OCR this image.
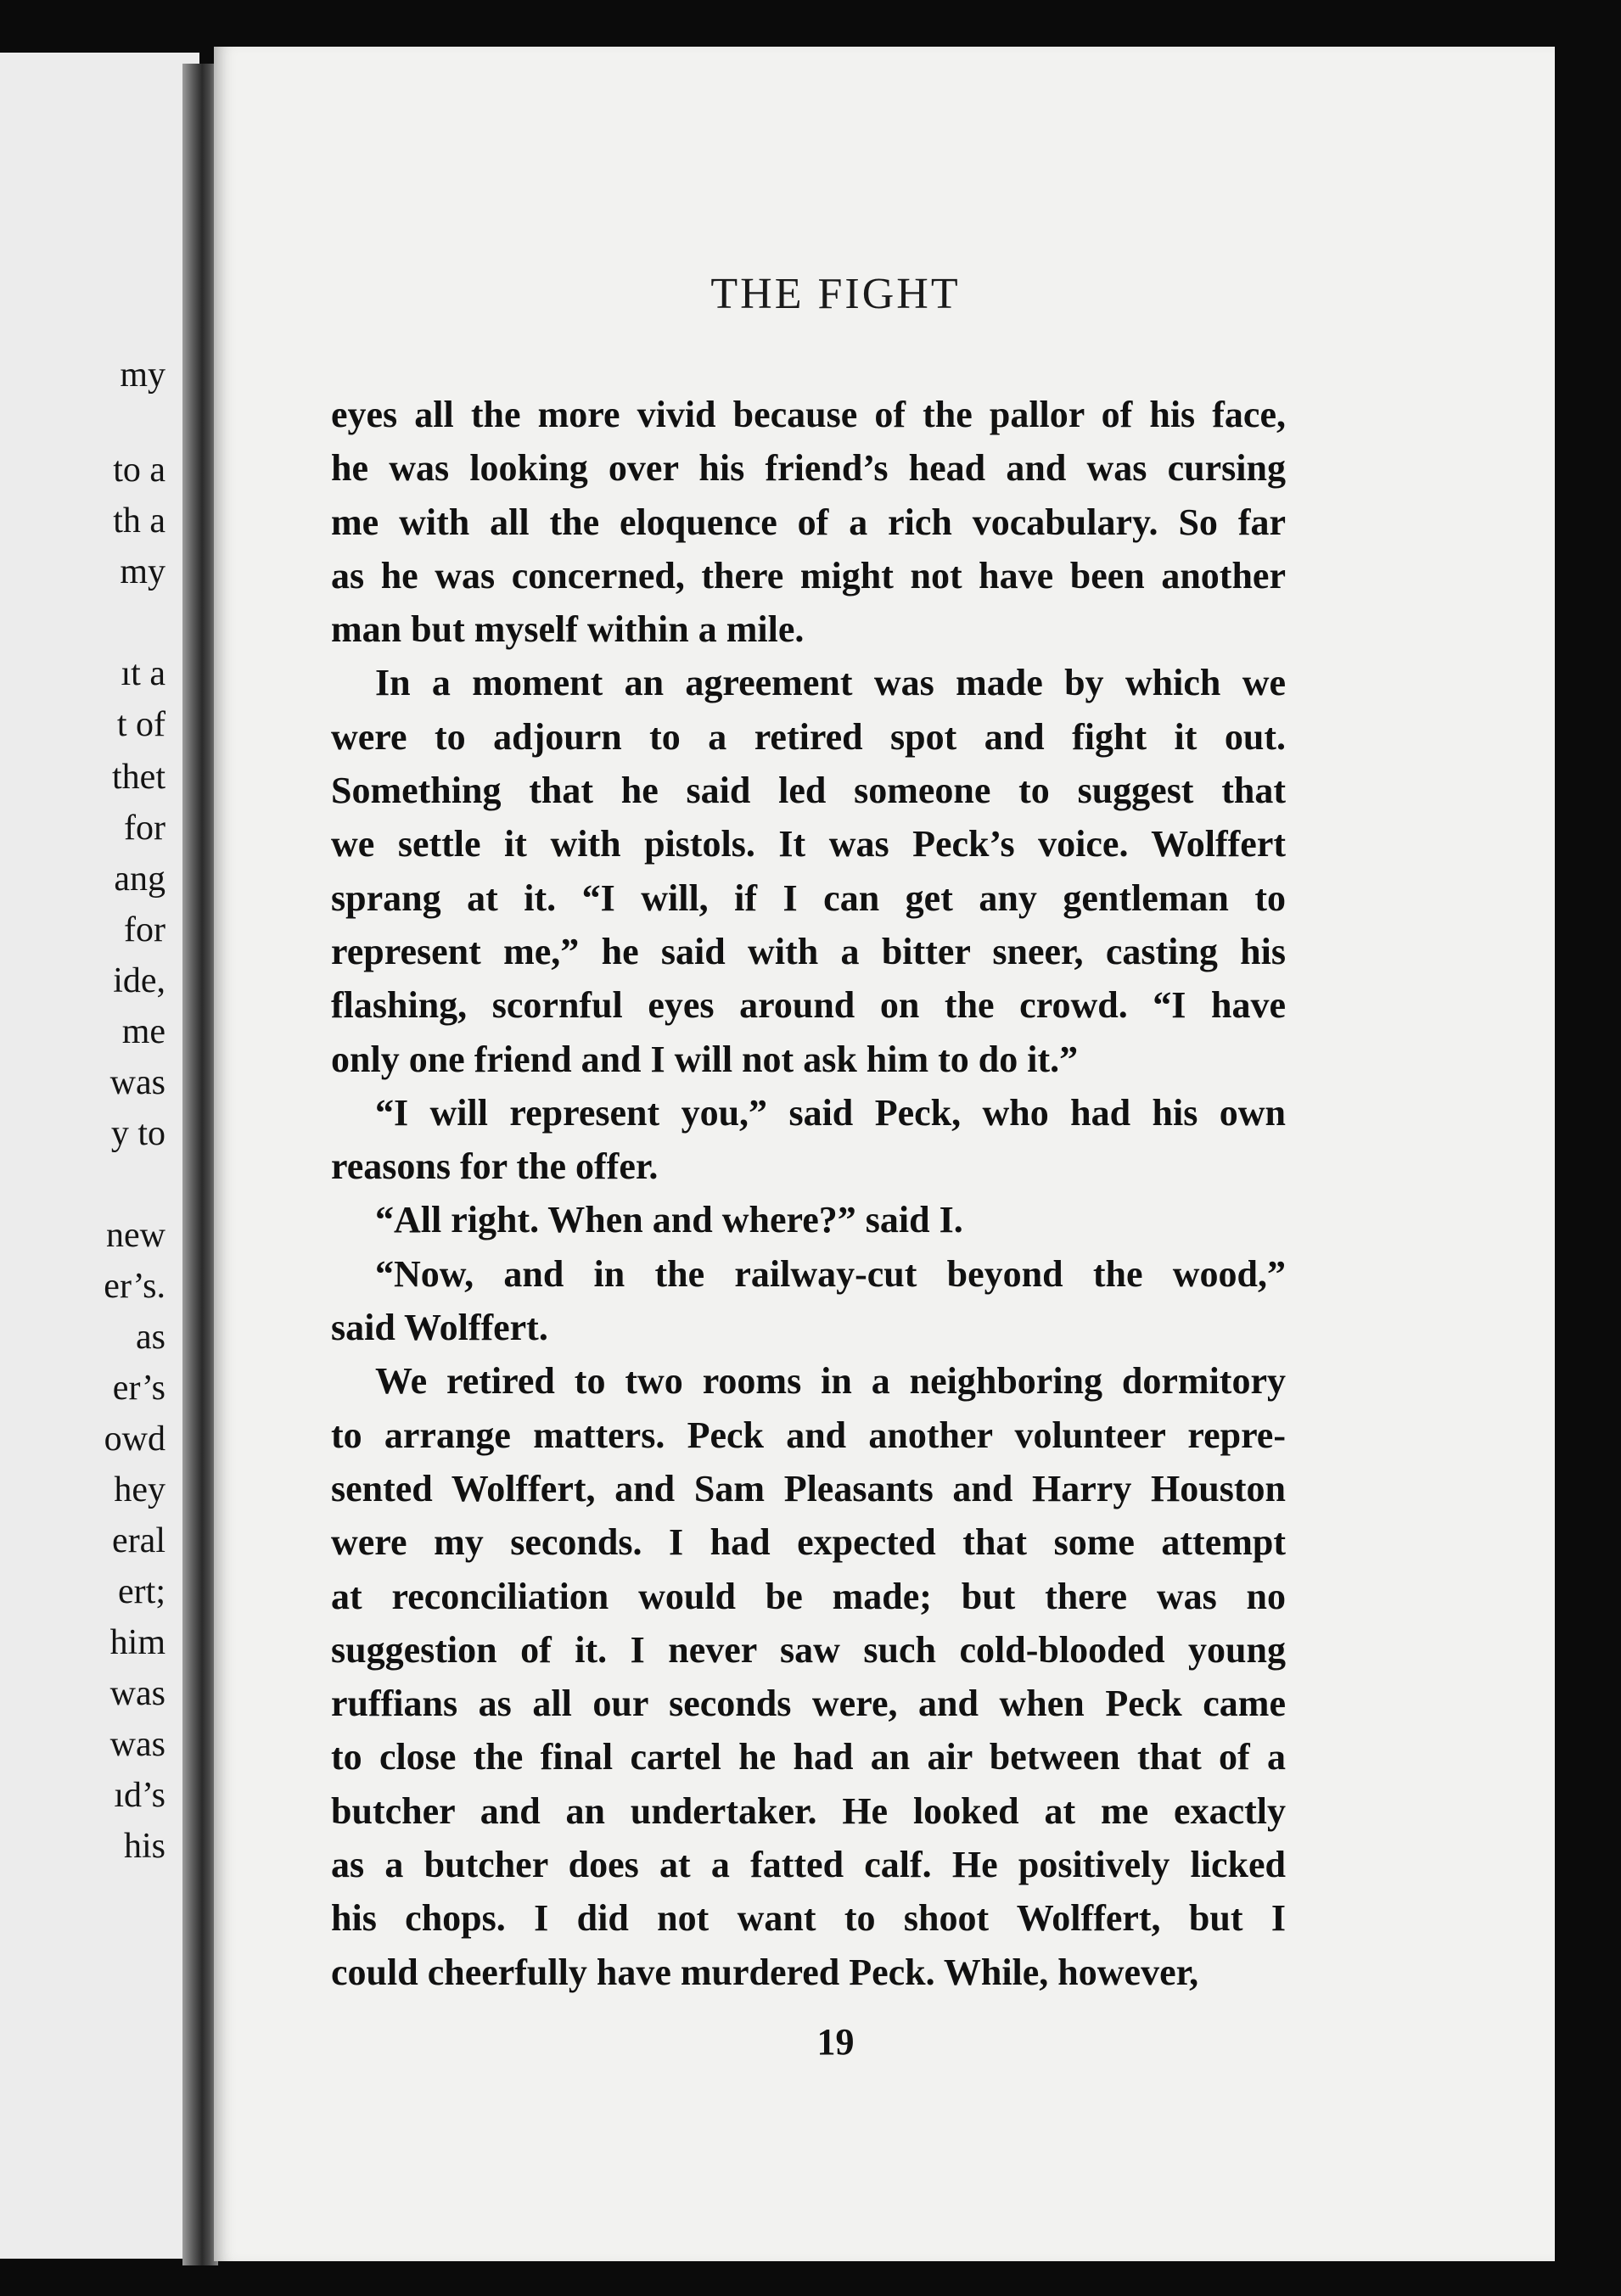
my
to a
th a
my
ıt a
t of
thet
for
ang
for
ide,
me
was
y to
new
er’s.
as
er’s
owd
hey
eral
ert;
him
was
was
ıd’s
his
THE FIGHT
eyes all the more vivid because of the pallor of his face,
he was looking over his friend’s head and was cursing
me with all the eloquence of a rich vocabulary. So far
as he was concerned, there might not have been another
man but myself within a mile.
In a moment an agreement was made by which we
were to adjourn to a retired spot and fight it out.
Something that he said led someone to suggest that
we settle it with pistols. It was Peck’s voice. Wolffert
sprang at it. “I will, if I can get any gentleman to
represent me,” he said with a bitter sneer, casting his
flashing, scornful eyes around on the crowd. “I have
only one friend and I will not ask him to do it.”
“I will represent you,” said Peck, who had his own
reasons for the offer.
“All right. When and where?” said I.
“Now, and in the railway-cut beyond the wood,”
said Wolffert.
We retired to two rooms in a neighboring dormitory
to arrange matters. Peck and another volunteer repre-
sented Wolffert, and Sam Pleasants and Harry Houston
were my seconds. I had expected that some attempt
at reconciliation would be made; but there was no
suggestion of it. I never saw such cold-blooded young
ruffians as all our seconds were, and when Peck came
to close the final cartel he had an air between that of a
butcher and an undertaker. He looked at me exactly
as a butcher does at a fatted calf. He positively licked
his chops. I did not want to shoot Wolffert, but I
could cheerfully have murdered Peck. While, however,
19
